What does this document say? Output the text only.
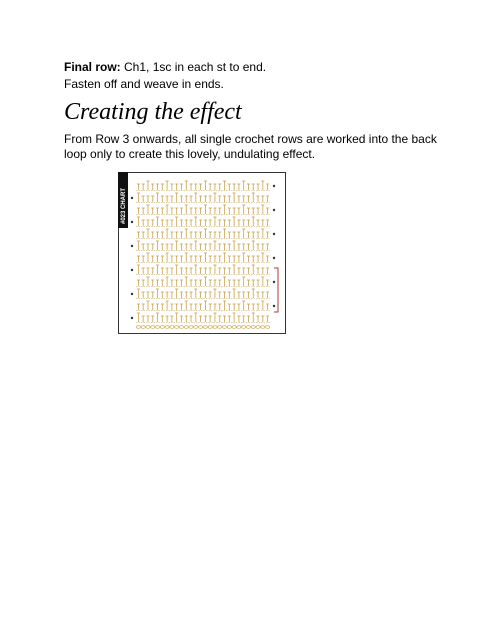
Final row: Ch1, 1sc in each st to end.
Fasten off and weave in ends.
Creating the effect

From Row 3 onwards, all single crochet rows are worked into the back loop only to create this lovely, undulating effect.

#023 CHART
